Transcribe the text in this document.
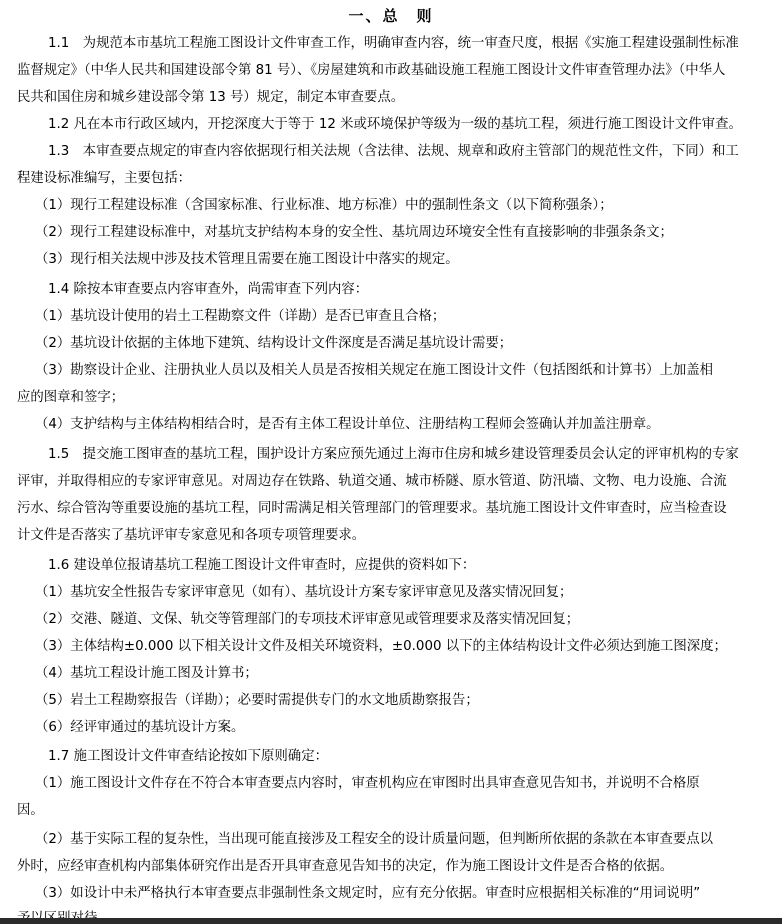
一、总　则
1.1　为规范本市基坑工程施工图设计文件审查工作，明确审查内容，统一审查尺度，根据《实施工程建设强制性标准
监督规定》（中华人民共和国建设部令第 81 号）、《房屋建筑和市政基础设施工程施工图设计文件审查管理办法》（中华人
民共和国住房和城乡建设部令第 13 号）规定，制定本审查要点。
1.2 凡在本市行政区域内，开挖深度大于等于 12 米或环境保护等级为一级的基坑工程，须进行施工图设计文件审查。
1.3　本审查要点规定的审查内容依据现行相关法规（含法律、法规、规章和政府主管部门的规范性文件，下同）和工
程建设标准编写，主要包括：
（1）现行工程建设标准（含国家标准、行业标准、地方标准）中的强制性条文（以下简称强条）；
（2）现行工程建设标准中，对基坑支护结构本身的安全性、基坑周边环境安全性有直接影响的非强条条文；
（3）现行相关法规中涉及技术管理且需要在施工图设计中落实的规定。
1.4 除按本审查要点内容审查外，尚需审查下列内容：
（1）基坑设计使用的岩土工程勘察文件（详勘）是否已审查且合格；
（2）基坑设计依据的主体地下建筑、结构设计文件深度是否满足基坑设计需要；
（3）勘察设计企业、注册执业人员以及相关人员是否按相关规定在施工图设计文件（包括图纸和计算书）上加盖相
应的图章和签字；
（4）支护结构与主体结构相结合时，是否有主体工程设计单位、注册结构工程师会签确认并加盖注册章。
1.5　提交施工图审查的基坑工程，围护设计方案应预先通过上海市住房和城乡建设管理委员会认定的评审机构的专家
评审，并取得相应的专家评审意见。对周边存在铁路、轨道交通、城市桥隧、原水管道、防汛墙、文物、电力设施、合流
污水、综合管沟等重要设施的基坑工程，同时需满足相关管理部门的管理要求。基坑施工图设计文件审查时，应当检查设
计文件是否落实了基坑评审专家意见和各项专项管理要求。
1.6 建设单位报请基坑工程施工图设计文件审查时，应提供的资料如下：
（1）基坑安全性报告专家评审意见（如有）、基坑设计方案专家评审意见及落实情况回复；
（2）交港、隧道、文保、轨交等管理部门的专项技术评审意见或管理要求及落实情况回复；
（3）主体结构±0.000 以下相关设计文件及相关环境资料，±0.000 以下的主体结构设计文件必须达到施工图深度；
（4）基坑工程设计施工图及计算书；
（5）岩土工程勘察报告（详勘）；必要时需提供专门的水文地质勘察报告；
（6）经评审通过的基坑设计方案。
1.7 施工图设计文件审查结论按如下原则确定：
（1）施工图设计文件存在不符合本审查要点内容时，审查机构应在审图时出具审查意见告知书，并说明不合格原
因。
（2）基于实际工程的复杂性，当出现可能直接涉及工程安全的设计质量问题，但判断所依据的条款在本审查要点以
外时，应经审查机构内部集体研究作出是否开具审查意见告知书的决定，作为施工图设计文件是否合格的依据。
（3）如设计中未严格执行本审查要点非强制性条文规定时，应有充分依据。审查时应根据相关标准的“用词说明”
